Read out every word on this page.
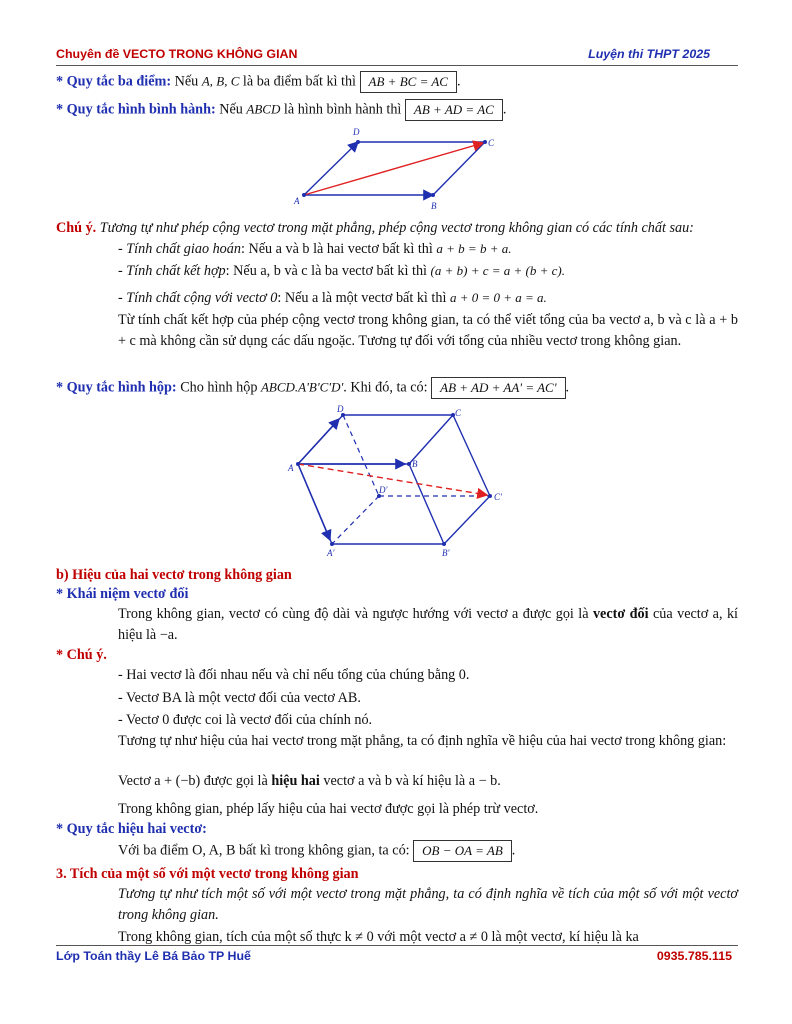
Chuyên đề VECTO TRONG KHÔNG GIAN	Luyện thi THPT 2025
* Quy tắc ba điểm: Nếu A, B, C là ba điểm bất kì thì AB + BC = AC .
* Quy tắc hình bình hành: Nếu ABCD là hình bình hành thì AB + AD = AC .
D
C
A	B
Chú ý. Tương tự như phép cộng vectơ trong mặt phẳng, phép cộng vectơ trong không gian có các tính chất sau:
- Tính chất giao hoán: Nếu a và b là hai vectơ bất kì thì a + b = b + a.
- Tính chất kết hợp: Nếu a, b và c là ba vectơ bất kì thì (a + b) + c = a + (b + c).
- Tính chất cộng với vectơ 0: Nếu a là một vectơ bất kì thì a + 0 = 0 + a = a.
Từ tính chất kết hợp của phép cộng vectơ trong không gian, ta có thể viết tổng của ba vectơ a, b và c là a + b + c mà không cần sử dụng các dấu ngoặc. Tương tự đối với tổng của nhiều vectơ trong không gian.
* Quy tắc hình hộp: Cho hình hộp ABCD.A'B'C'D'. Khi đó, ta có: AB + AD + AA' = AC' .
D	C
A	B
D'
C'
A'	B'
b) Hiệu của hai vectơ trong không gian
* Khái niệm vectơ đối
Trong không gian, vectơ có cùng độ dài và ngược hướng với vectơ a được gọi là vectơ đối của vectơ a, kí hiệu là −a.
* Chú ý.
- Hai vectơ là đối nhau nếu và chỉ nếu tổng của chúng bằng 0.
- Vectơ BA là một vectơ đối của vectơ AB.
- Vectơ 0 được coi là vectơ đối của chính nó.
Tương tự như hiệu của hai vectơ trong mặt phẳng, ta có định nghĩa về hiệu của hai vectơ trong không gian:
Vectơ a + (−b) được gọi là hiệu hai vectơ a và b và kí hiệu là a − b.
Trong không gian, phép lấy hiệu của hai vectơ được gọi là phép trừ vectơ.
* Quy tắc hiệu hai vectơ:
Với ba điểm O, A, B bất kì trong không gian, ta có: OB − OA = AB .
3. Tích của một số với một vectơ trong không gian
Tương tự như tích một số với một vectơ trong mặt phẳng, ta có định nghĩa về tích của một số với một vectơ trong không gian.
Trong không gian, tích của một số thực k ≠ 0 với một vectơ a ≠ 0 là một vectơ, kí hiệu là ka
Lớp Toán thầy Lê Bá Bảo TP Huế	0935.785.115
